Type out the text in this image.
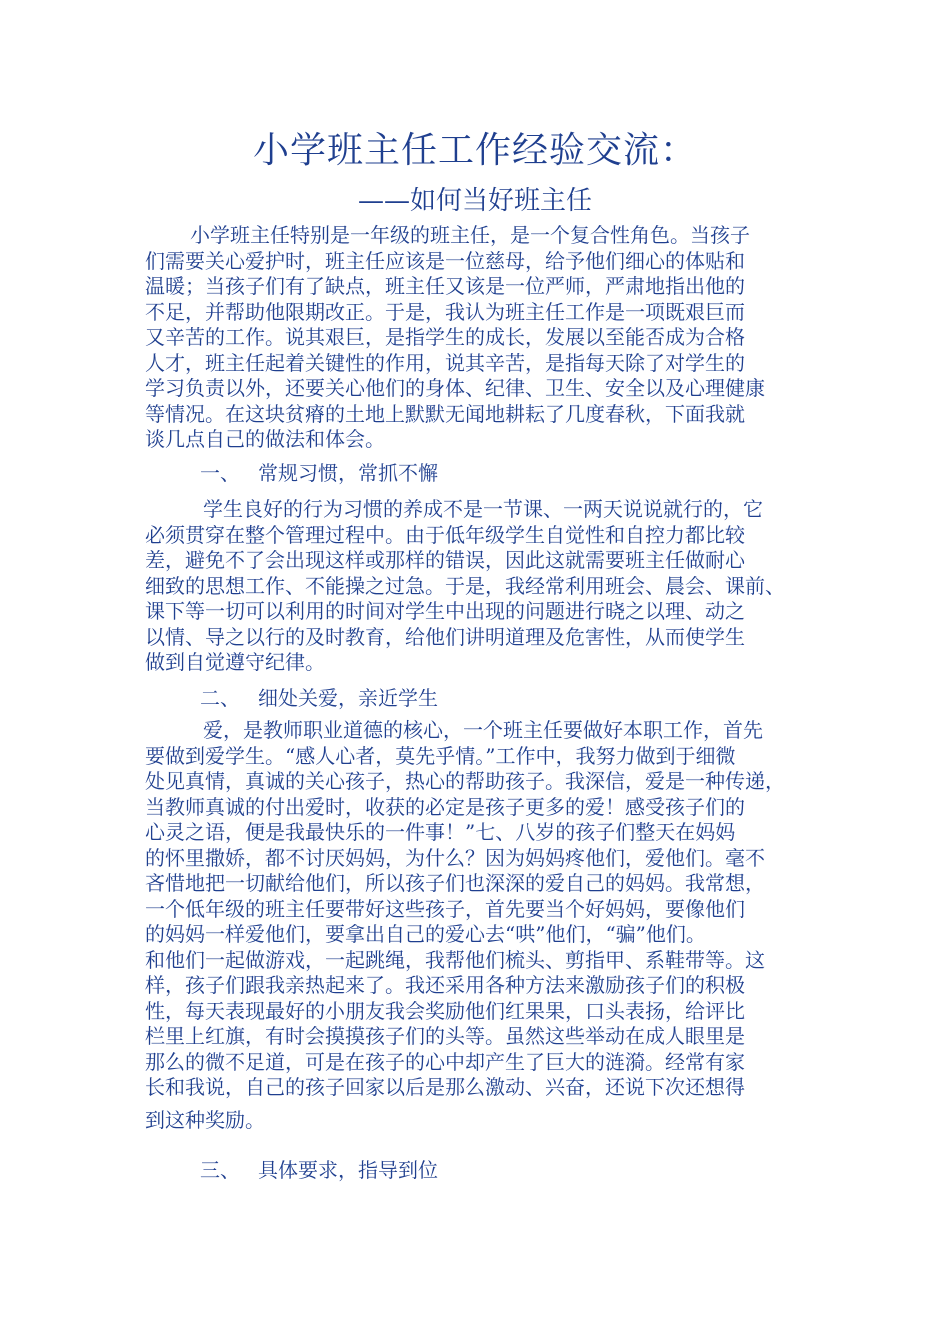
小学班主任工作经验交流：
——如何当好班主任
小学班主任特别是一年级的班主任，是一个复合性角色。当孩子
们需要关心爱护时，班主任应该是一位慈母，给予他们细心的体贴和
温暖；当孩子们有了缺点，班主任又该是一位严师，严肃地指出他的
不足，并帮助他限期改正。于是，我认为班主任工作是一项既艰巨而
又辛苦的工作。说其艰巨，是指学生的成长，发展以至能否成为合格
人才，班主任起着关键性的作用，说其辛苦，是指每天除了对学生的
学习负责以外，还要关心他们的身体、纪律、卫生、安全以及心理健康
等情况。在这块贫瘠的土地上默默无闻地耕耘了几度春秋，下面我就
谈几点自己的做法和体会。
一、 常规习惯，常抓不懈
学生良好的行为习惯的养成不是一节课、一两天说说就行的，它
必须贯穿在整个管理过程中。由于低年级学生自觉性和自控力都比较
差，避免不了会出现这样或那样的错误，因此这就需要班主任做耐心
细致的思想工作、不能操之过急。于是，我经常利用班会、晨会、课前、
课下等一切可以利用的时间对学生中出现的问题进行晓之以理、动之
以情、导之以行的及时教育，给他们讲明道理及危害性，从而使学生
做到自觉遵守纪律。
二、 细处关爱，亲近学生
爱，是教师职业道德的核心，一个班主任要做好本职工作，首先
要做到爱学生。“感人心者，莫先乎情。”工作中，我努力做到于细微
处见真情，真诚的关心孩子，热心的帮助孩子。我深信，爱是一种传递，
当教师真诚的付出爱时，收获的必定是孩子更多的爱！感受孩子们的
心灵之语，便是我最快乐的一件事！”七、八岁的孩子们整天在妈妈
的怀里撒娇，都不讨厌妈妈，为什么？因为妈妈疼他们，爱他们。毫不
吝惜地把一切献给他们，所以孩子们也深深的爱自己的妈妈。我常想，
一个低年级的班主任要带好这些孩子，首先要当个好妈妈，要像他们
的妈妈一样爱他们，要拿出自己的爱心去“哄”他们，“骗”他们。
和他们一起做游戏，一起跳绳，我帮他们梳头、剪指甲、系鞋带等。这
样，孩子们跟我亲热起来了。我还采用各种方法来激励孩子们的积极
性，每天表现最好的小朋友我会奖励他们红果果，口头表扬，给评比
栏里上红旗，有时会摸摸孩子们的头等。虽然这些举动在成人眼里是
那么的微不足道，可是在孩子的心中却产生了巨大的涟漪。经常有家
长和我说，自己的孩子回家以后是那么激动、兴奋，还说下次还想得
到这种奖励。
三、 具体要求，指导到位
